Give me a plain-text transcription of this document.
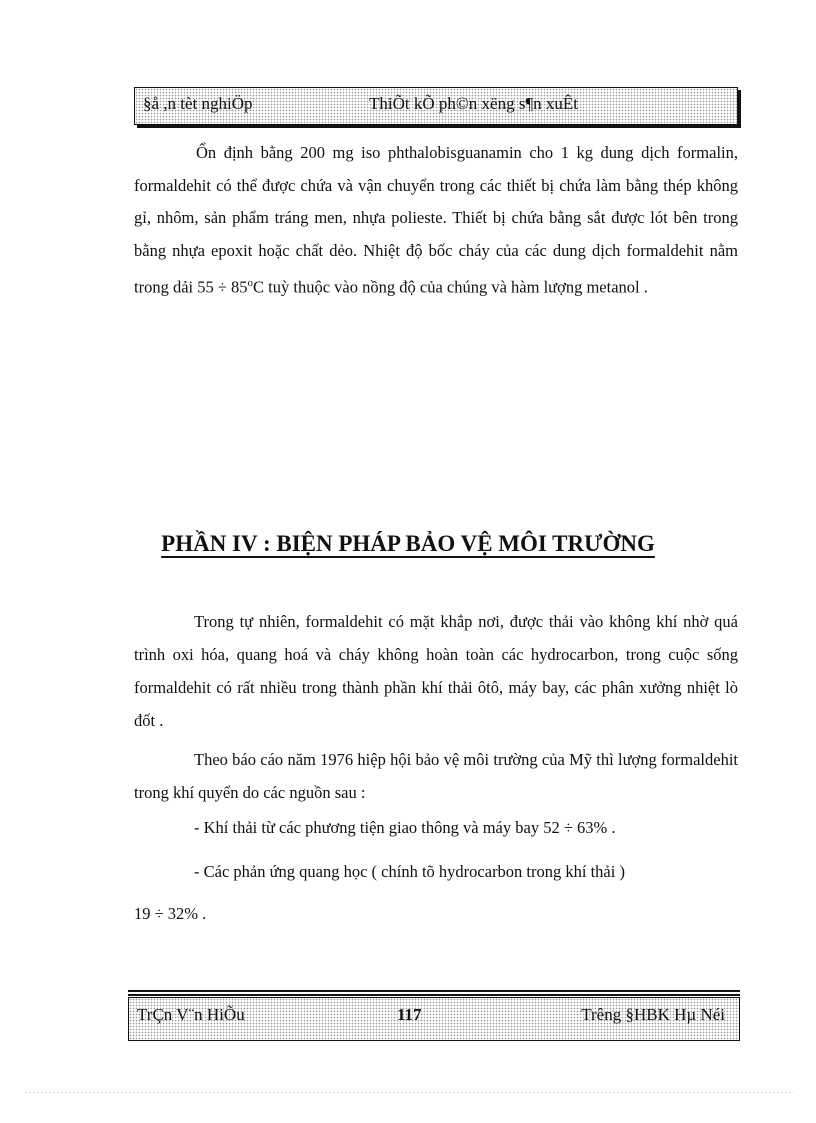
§å ,n tèt nghiÖp	ThiÕt kÕ ph©n xëng s¶n xuÊt
Ổn định bằng 200 mg iso phthalobisguanamin cho 1 kg dung dịch formalin, formaldehit có thể được chứa và vận chuyển trong các thiết bị chứa làm bằng thép không gỉ, nhôm, sản phẩm tráng men, nhựa polieste. Thiết bị chứa bằng sắt được lót bên trong bằng nhựa epoxit hoặc chất dẻo. Nhiệt độ bốc cháy của các dung dịch formaldehit nằm trong dải $55 \div 85^oC$ tuỳ thuộc vào nồng độ của chúng và hàm lượng metanol .
PHẦN IV : BIỆN PHÁP BẢO VỆ MÔI TRƯỜNG
Trong tự nhiên, formaldehit có mặt khắp nơi, được thải vào không khí nhờ quá trình oxi hóa, quang hoá và cháy không hoàn toàn các hydrocarbon, trong cuộc sống formaldehit có rất nhiều trong thành phần khí thải ôtô, máy bay, các phân xưởng nhiệt lò đốt .
Theo báo cáo năm 1976 hiệp hội bảo vệ môi trường của Mỹ thì lượng formaldehit trong khí quyển do các nguồn sau :
- Khí thải từ các phương tiện giao thông và máy bay 52 ÷ 63% .
- Các phản ứng quang học ( chính tõ hydrocarbon trong khí thải )
19 ÷ 32% .
TrÇn V¨n HiÕu	117	Trêng §HBK Hµ Néi
